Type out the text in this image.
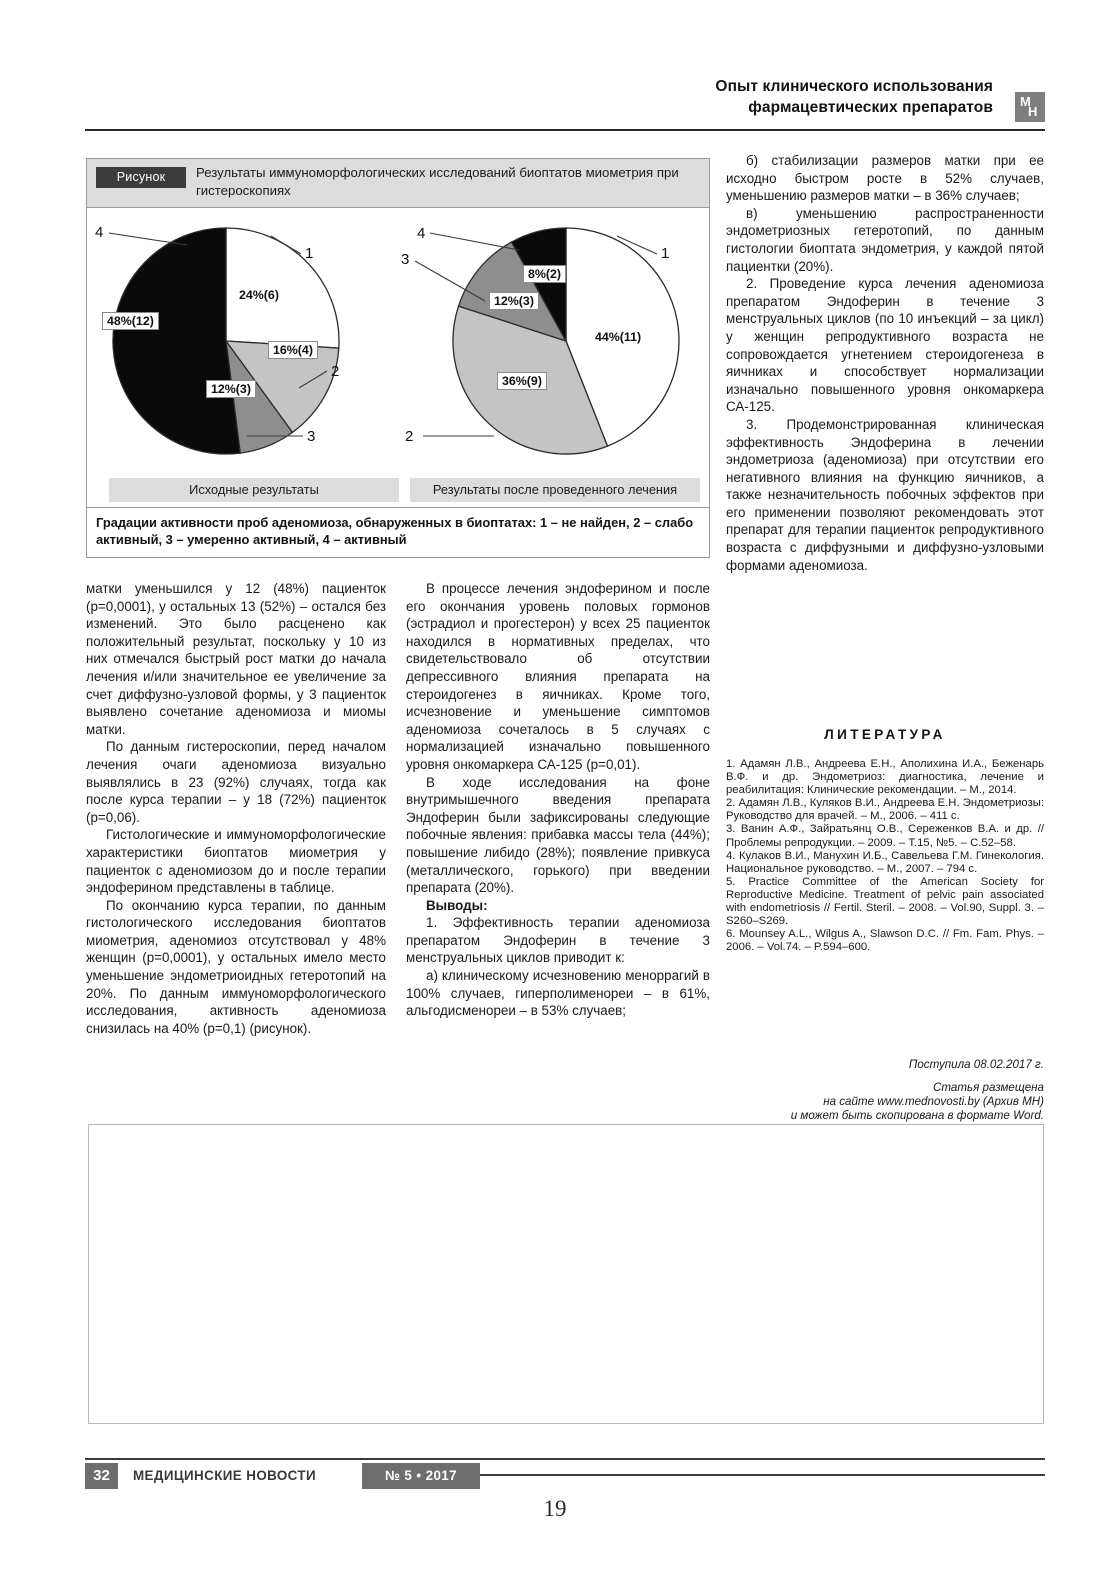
Опыт клинического использования
фармацевтических препаратов М
Н
Рисунок	Результаты иммуноморфологических исследований биоптатов миометрия при гистероскопиях
4
1
2
3
24%(6)
16%(4)
12%(3)
48%(12)
4
3	1
2
44%(11)
36%(9)
12%(3)
8%(2)
Исходные результаты	Результаты после проведенного лечения

Градации активности проб аденомиоза, обнаруженных в биоптатах: 1 – не найден, 2 – слабо активный, 3 – умеренно активный, 4 – активный

матки уменьшился у 12 (48%) пациенток (p=0,0001), у остальных 13 (52%) – остался без изменений. Это было расценено как положительный результат, поскольку у 10 из них отмечался быстрый рост матки до начала лечения и/или значительное ее увеличение за счет диффузно-узловой формы, у 3 пациенток выявлено сочетание аденомиоза и миомы матки.

По данным гистероскопии, перед началом лечения очаги аденомиоза визуально выявлялись в 23 (92%) случаях, тогда как после курса терапии – у 18 (72%) пациенток (p=0,06).

Гистологические и иммуноморфологические характеристики биоптатов миометрия у пациенток с аденомиозом до и после терапии эндоферином представлены в таблице.

По окончанию курса терапии, по данным гистологического исследования биоптатов миометрия, аденомиоз отсутствовал у 48% женщин (p=0,0001), у остальных имело место уменьшение эндометриоидных гетеротопий на 20%. По данным иммуноморфологического исследования, активность аденомиоза снизилась на 40% (p=0,1) (рисунок).

В процессе лечения эндоферином и после его окончания уровень половых гормонов (эстрадиол и прогестерон) у всех 25 пациенток находился в нормативных пределах, что свидетельствовало об отсутствии депрессивного влияния препарата на стероидогенез в яичниках. Кроме того, исчезновение и уменьшение симптомов аденомиоза сочеталось в 5 случаях с нормализацией изначально повышенного уровня онкомаркера СА-125 (p=0,01).

В ходе исследования на фоне внутримышечного введения препарата Эндоферин были зафиксированы следующие побочные явления: прибавка массы тела (44%); повышение либидо (28%); появление привкуса (металлического, горького) при введении препарата (20%).

Выводы:

1. Эффективность терапии аденомиоза препаратом Эндоферин в течение 3 менструальных циклов приводит к:

а) клиническому исчезновению меноррагий в 100% случаев, гиперполименореи – в 61%, альгодисменореи – в 53% случаев;

б) стабилизации размеров матки при ее исходно быстром росте в 52% случаев, уменьшению размеров матки – в 36% случаев;

в) уменьшению распространенности эндометриозных гетеротопий, по данным гистологии биоптата эндометрия, у каждой пятой пациентки (20%).

2. Проведение курса лечения аденомиоза препаратом Эндоферин в течение 3 менструальных циклов (по 10 инъекций – за цикл) у женщин репродуктивного возраста не сопровождается угнетением стероидогенеза в яичниках и способствует нормализации изначально повышенного уровня онкомаркера СА-125.

3. Продемонстрированная клиническая эффективность Эндоферина в лечении эндометриоза (аденомиоза) при отсутствии его негативного влияния на функцию яичников, а также незначительность побочных эффектов при его применении позволяют рекомендовать этот препарат для терапии пациенток репродуктивного возраста с диффузными и диффузно-узловыми формами аденомиоза.

ЛИТЕРАТУРА

1. Адамян Л.В., Андреева Е.Н., Аполихина И.А., Беженарь В.Ф. и др. Эндометриоз: диагностика, лечение и реабилитация: Клинические рекомендации. – М., 2014.

2. Адамян Л.В., Куляков В.И., Андреева Е.Н. Эндометриозы: Руководство для врачей. – М., 2006. – 411 с.

3. Ванин А.Ф., Зайратьянц О.В., Сереженков В.А. и др. // Проблемы репродукции. – 2009. – Т.15, №5. – С.52–58.

4. Кулаков В.И., Манухин И.Б., Савельева Г.М. Гинекология. Национальное руководство. – М., 2007. – 794 с.

5. Practice Committee of the American Society for Reproductive Medicine. Treatment of pelvic pain associated with endometriosis // Fertil. Steril. – 2008. – Vol.90, Suppl. 3. – S260–S269.

6. Mounsey A.L., Wilgus A., Slawson D.C. // Fm. Fam. Phys. – 2006. – Vol.74. – P.594–600.

Поступила 08.02.2017 г.

Статья размещена

на сайте www.mednovosti.by (Архив МН)

и может быть скопирована в формате Word.

32	МЕДИЦИНСКИЕ НОВОСТИ	№ 5 • 2017
19
